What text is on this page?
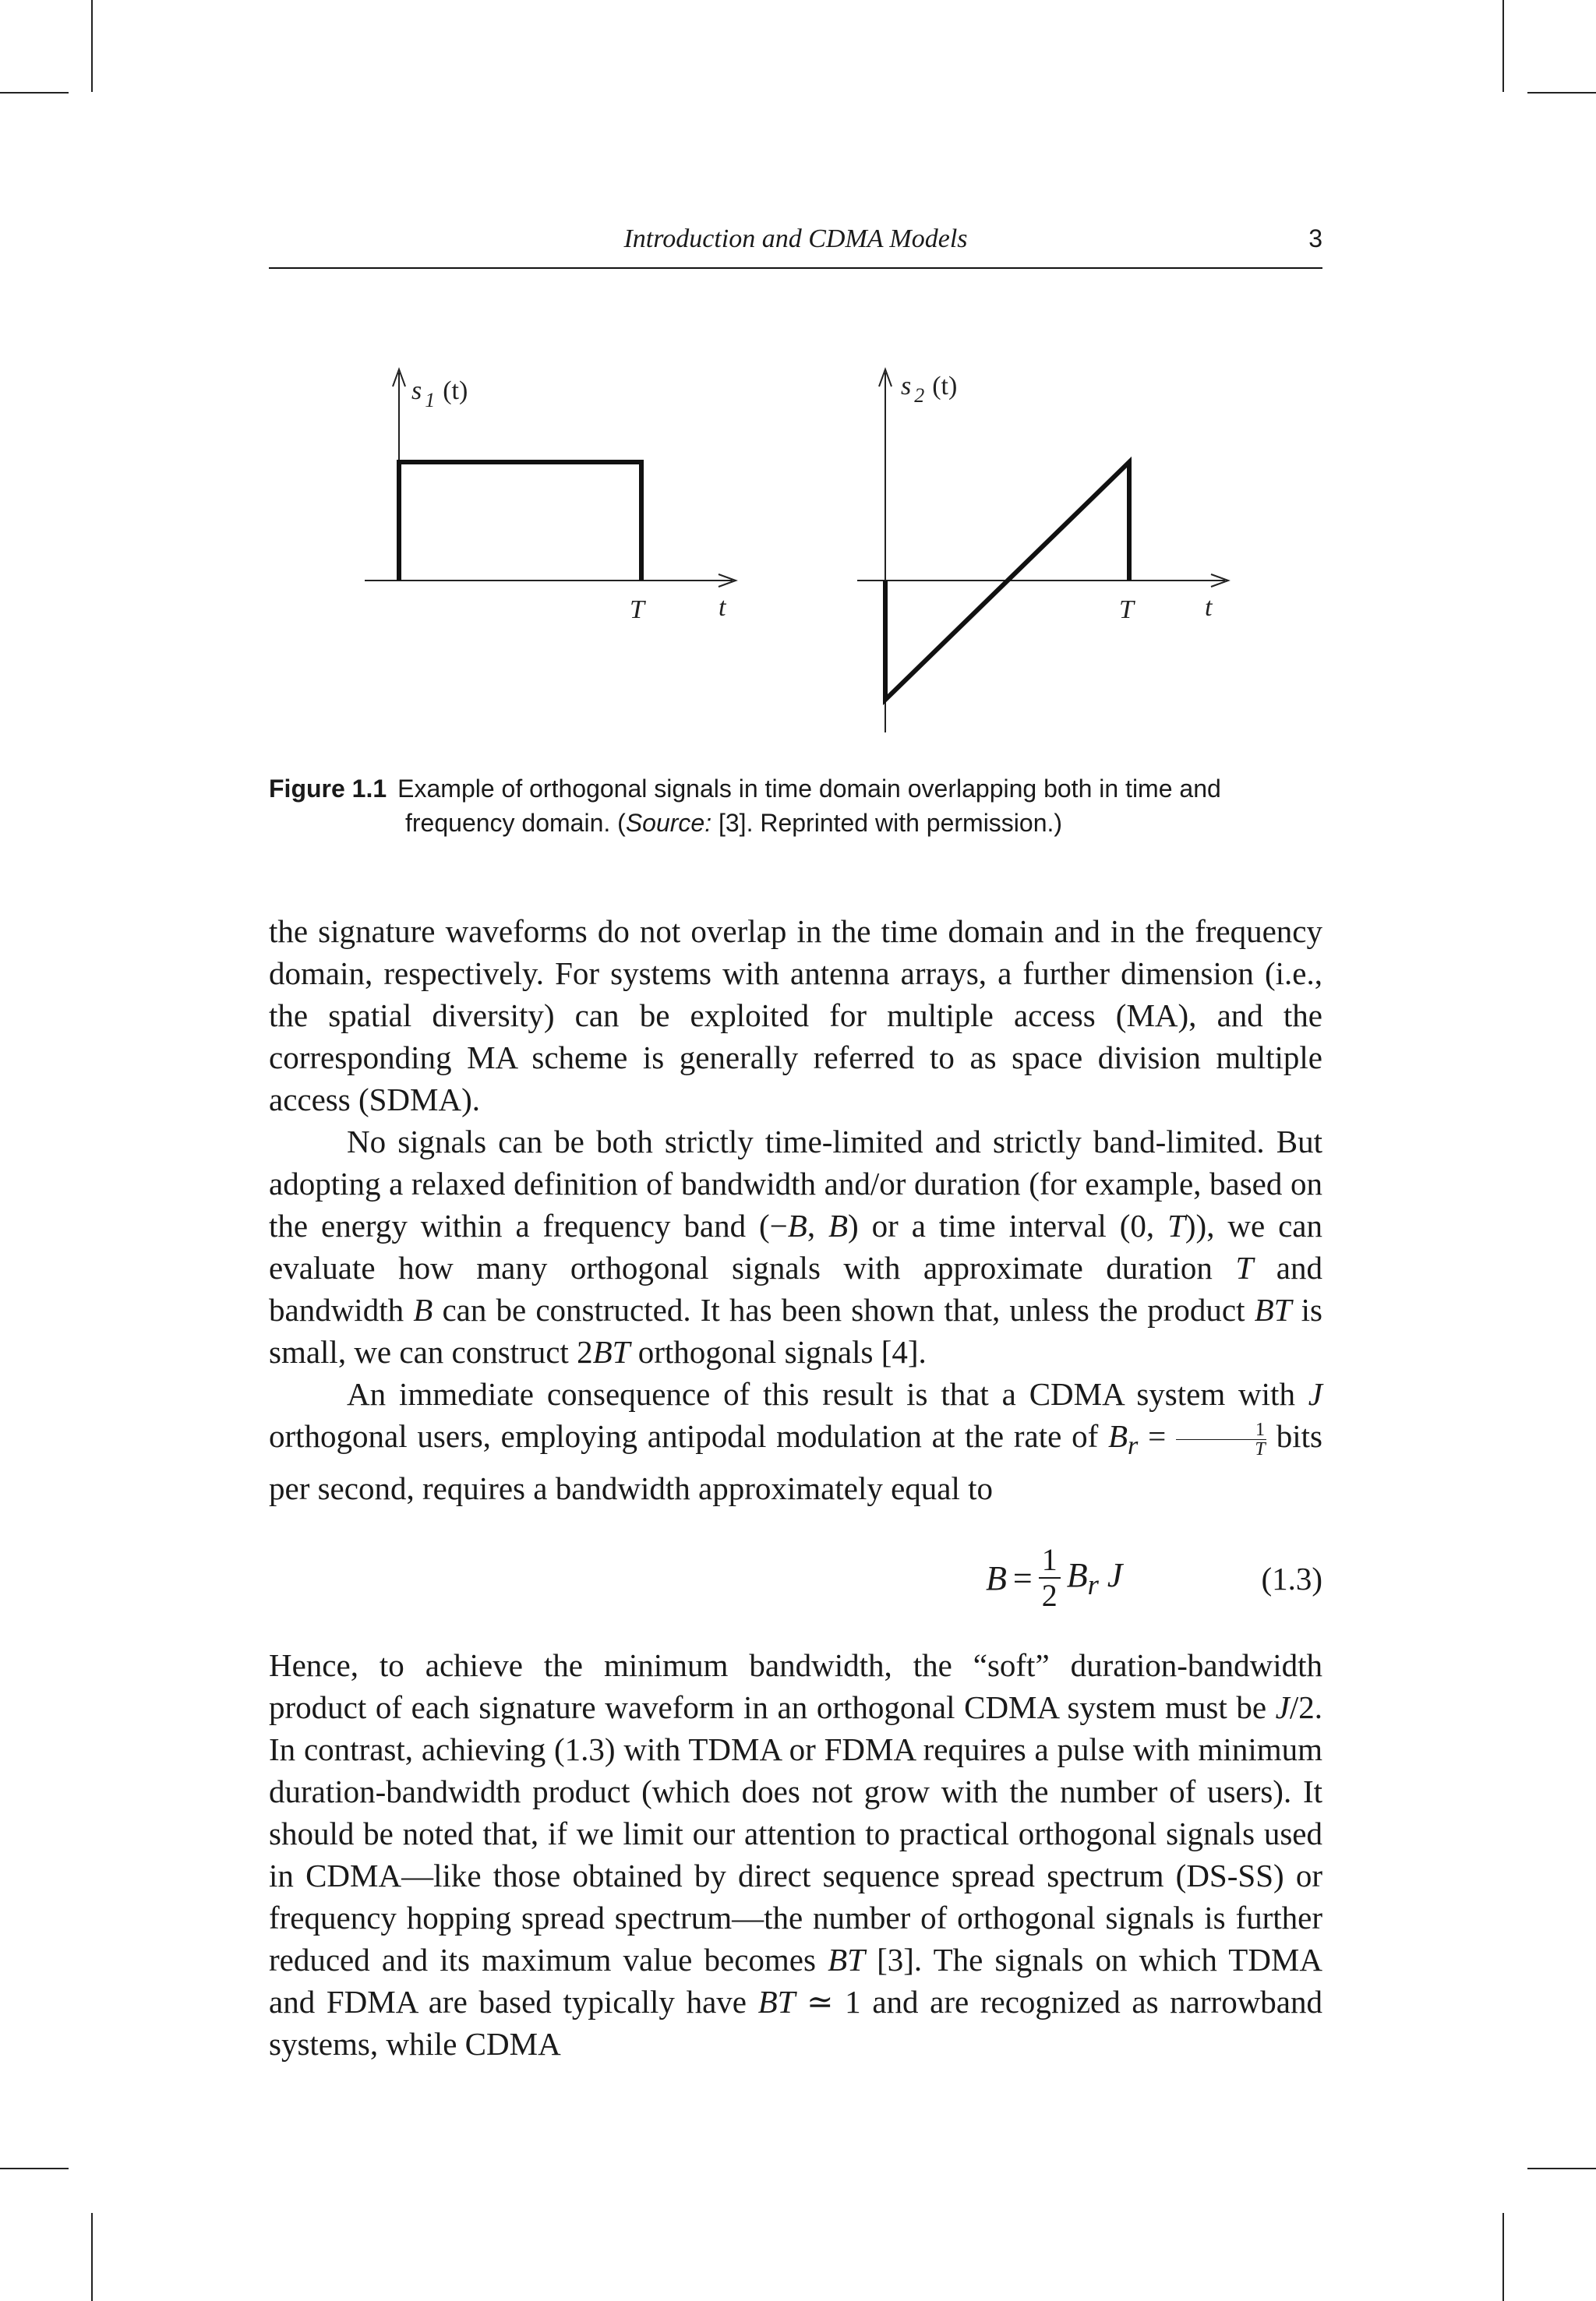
Introduction and CDMA Models	3
s $_1$ (t)
T	t
s $_2$ (t)
T	t
Figure 1.1 Example of orthogonal signals in time domain overlapping both in time and
frequency domain. (Source: [3]. Reprinted with permission.)

the signature waveforms do not overlap in the time domain and in the frequency domain, respectively. For systems with antenna arrays, a further dimension (i.e., the spatial diversity) can be exploited for multiple access (MA), and the corresponding MA scheme is generally referred to as space division multiple access (SDMA).

No signals can be both strictly time-limited and strictly band-limited. But adopting a relaxed definition of bandwidth and/or duration (for example, based on the energy within a frequency band (−B, B) or a time interval (0, T)), we can evaluate how many orthogonal signals with approximate duration T and bandwidth B can be constructed. It has been shown that, unless the product BT is small, we can construct 2BT orthogonal signals [4].

An immediate consequence of this result is that a CDMA system with J orthogonal users, employing antipodal modulation at the rate of $B_r = \frac{1}{T}$ bits per second, requires a bandwidth approximately equal to

$B = \frac{1}{2} B_r$ J	(1.3)

Hence, to achieve the minimum bandwidth, the “soft” duration-bandwidth product of each signature waveform in an orthogonal CDMA system must be J/2. In contrast, achieving (1.3) with TDMA or FDMA requires a pulse with minimum duration-bandwidth product (which does not grow with the number of users). It should be noted that, if we limit our attention to practical orthogonal signals used in CDMA—like those obtained by direct sequence spread spectrum (DS-SS) or frequency hopping spread spectrum—the number of orthogonal signals is further reduced and its maximum value becomes BT [3]. The signals on which TDMA and FDMA are based typically have BT ≃ 1 and are recognized as narrowband systems, while CDMA
